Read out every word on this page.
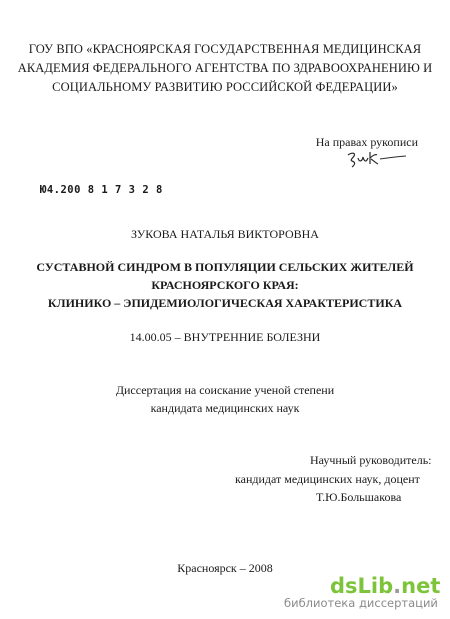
ГОУ ВПО «КРАСНОЯРСКАЯ ГОСУДАРСТВЕННАЯ МЕДИЦИНСКАЯ
АКАДЕМИЯ ФЕДЕРАЛЬНОГО АГЕНТСТВА ПО ЗДРАВООХРАНЕНИЮ И
СОЦИАЛЬНОМУ РАЗВИТИЮ РОССИЙСКОЙ ФЕДЕРАЦИИ»
На правах рукописи
Ю4.200 8 1 7 3 2 8
ЗУКОВА НАТАЛЬЯ ВИКТОРОВНА
СУСТАВНОЙ СИНДРОМ В ПОПУЛЯЦИИ СЕЛЬСКИХ ЖИТЕЛЕЙ
КРАСНОЯРСКОГО КРАЯ:
КЛИНИКО – ЭПИДЕМИОЛОГИЧЕСКАЯ ХАРАКТЕРИСТИКА
14.00.05 – ВНУТРЕННИЕ БОЛЕЗНИ
Диссертация на соискание ученой степени
кандидата медицинских наук
Научный руководитель:
кандидат медицинских наук, доцент
Т.Ю.Большакова
Красноярск – 2008
dsLib.net
библиотека диссертаций
